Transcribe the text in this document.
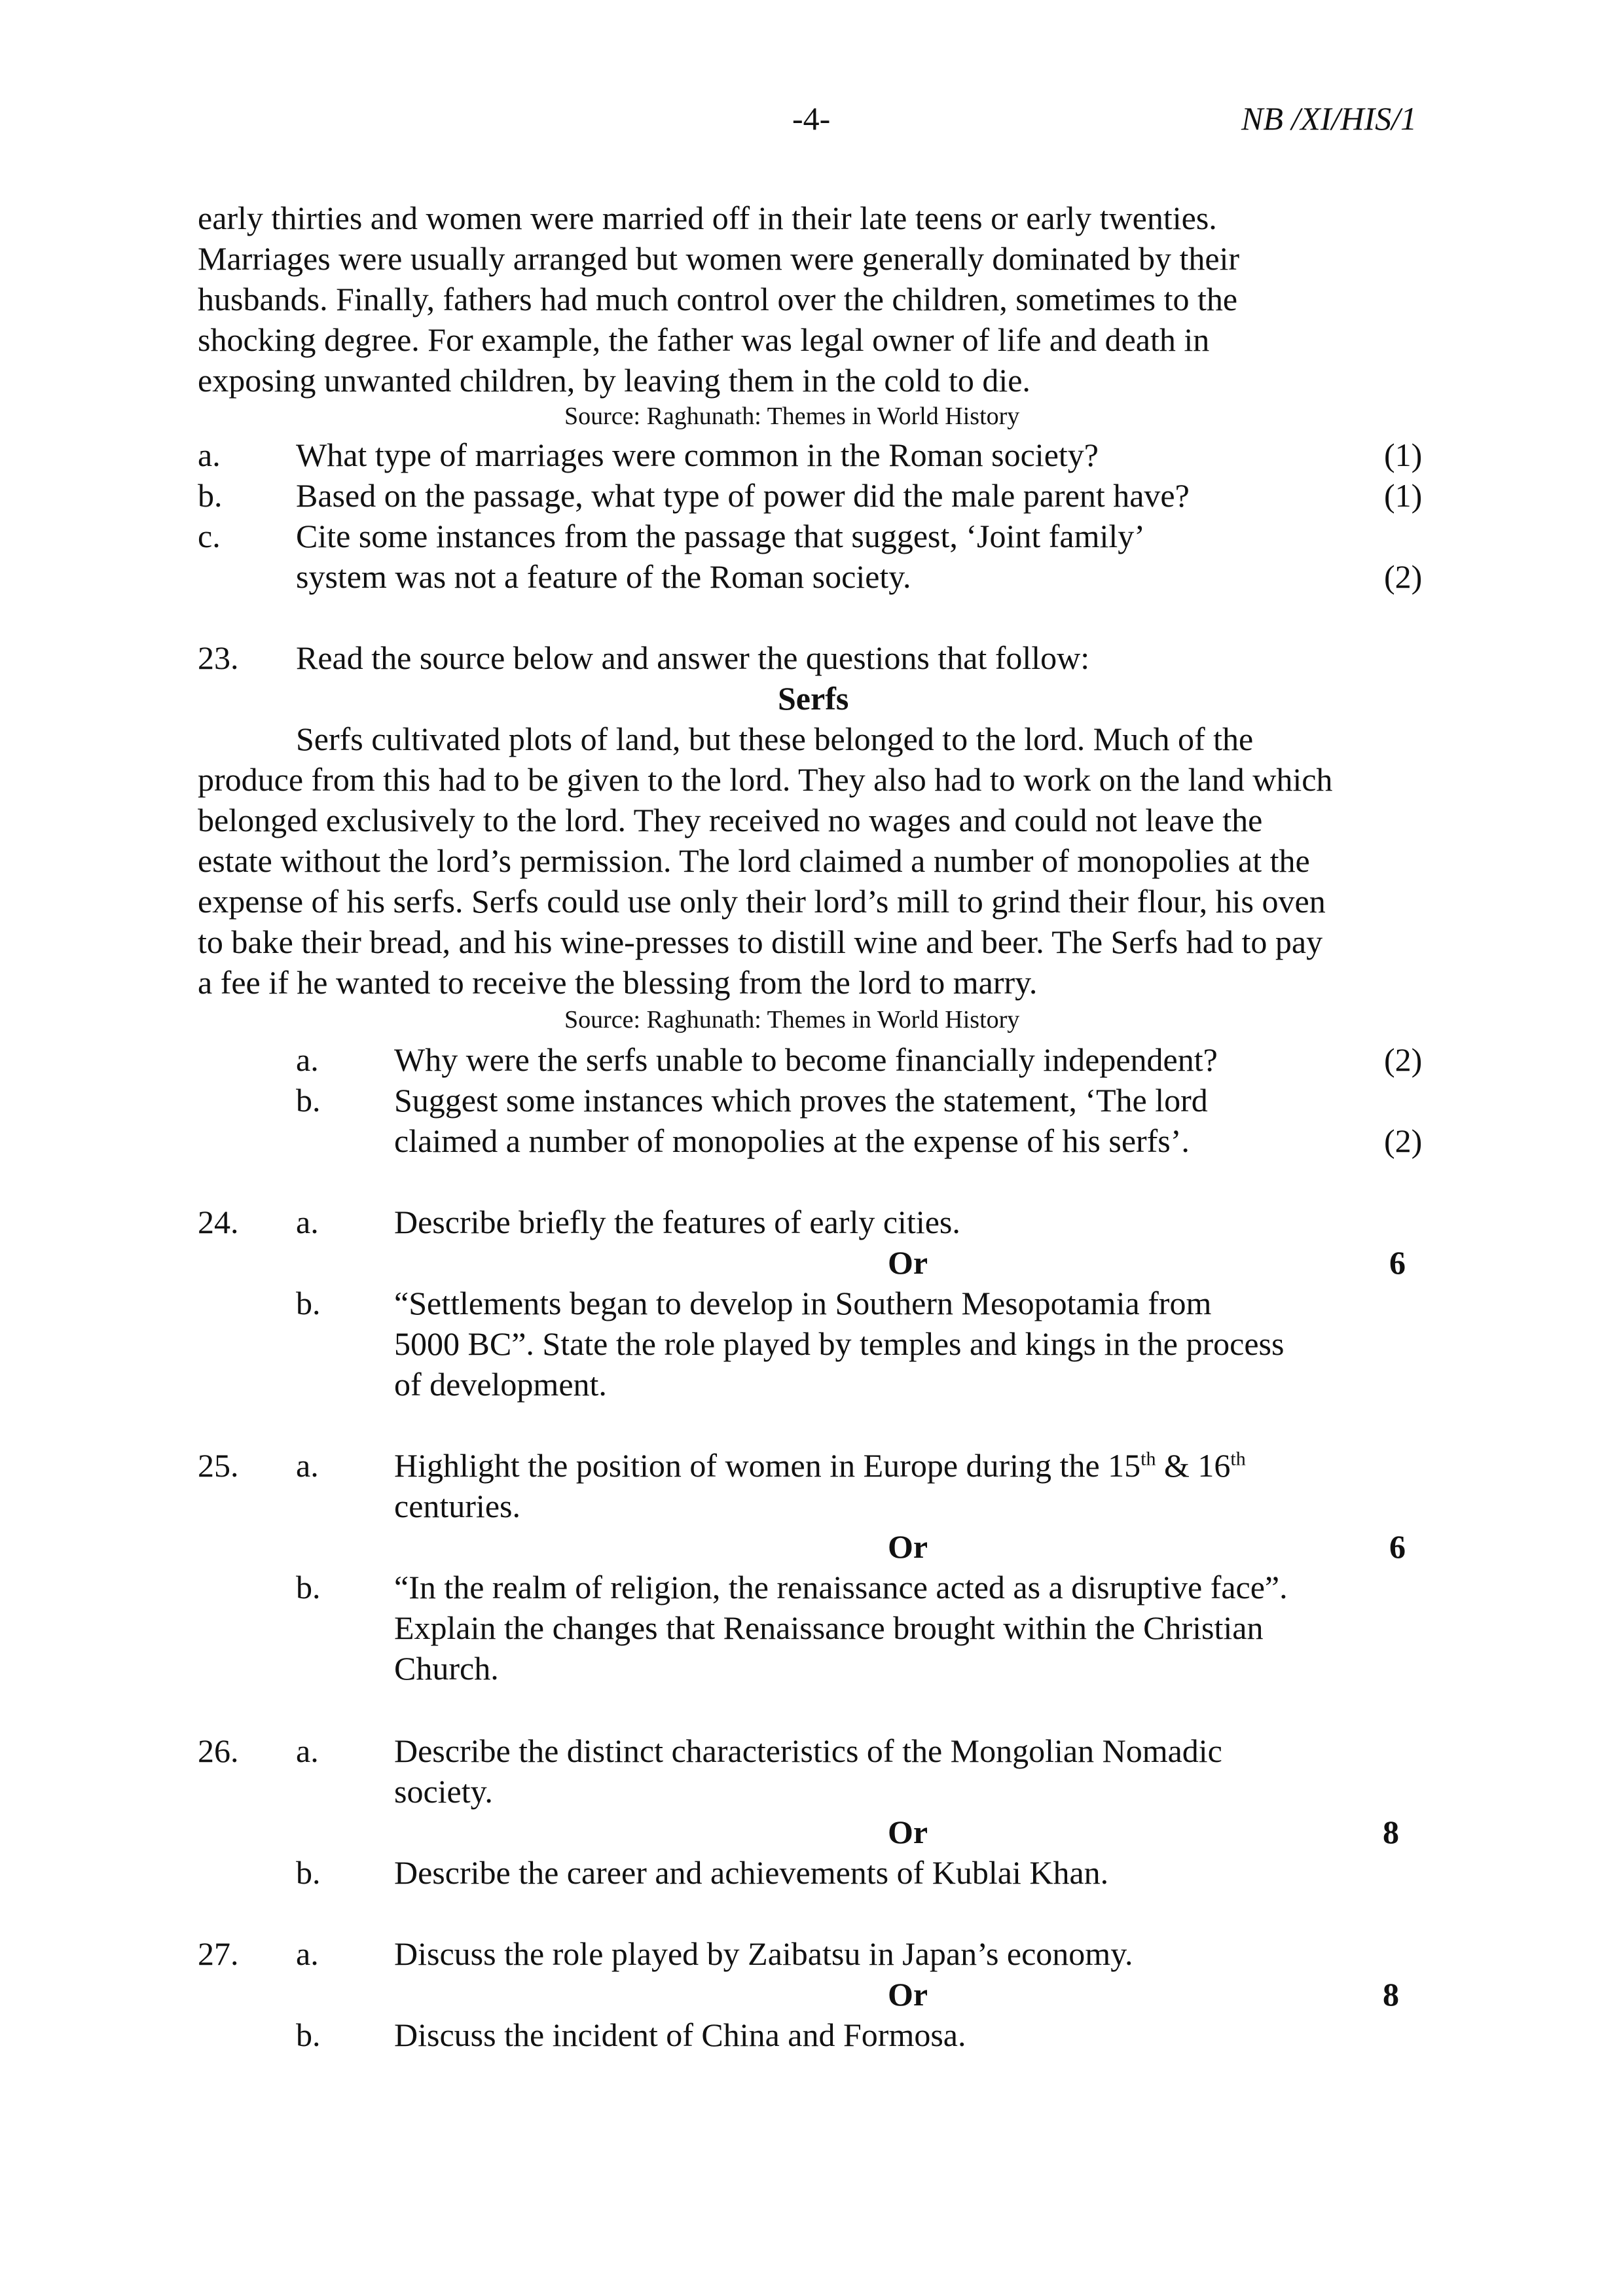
-4-	NB /XI/HIS/1

early thirties and women were married off in their late teens or early twenties.

Marriages were usually arranged but women were generally dominated by their

husbands. Finally, fathers had much control over the children, sometimes to the

shocking degree. For example, the father was legal owner of life and death in

exposing unwanted children, by leaving them in the cold to die.

Source: Raghunath: Themes in World History
a. What type of marriages were common in the Roman society?	(1)
b. Based on the passage, what type of power did the male parent have?	(1)
c. Cite some instances from the passage that suggest, ‘Joint family’
system was not a feature of the Roman society.	(2)
23. Read the source below and answer the questions that follow:
Serfs

Serfs cultivated plots of land, but these belonged to the lord. Much of the

produce from this had to be given to the lord. They also had to work on the land which

belonged exclusively to the lord. They received no wages and could not leave the

estate without the lord’s permission. The lord claimed a number of monopolies at the

expense of his serfs. Serfs could use only their lord’s mill to grind their flour, his oven

to bake their bread, and his wine-presses to distill wine and beer. The Serfs had to pay

a fee if he wanted to receive the blessing from the lord to marry.

Source: Raghunath: Themes in World History
a. Why were the serfs unable to become financially independent?	(2)
b. Suggest some instances which proves the statement, ‘The lord
claimed a number of monopolies at the expense of his serfs’.	(2)
24. a. Describe briefly the features of early cities.
Or	6
b. “Settlements began to develop in Southern Mesopotamia from
5000 BC”. State the role played by temples and kings in the process
of development.
25. a. Highlight the position of women in Europe during the 15th & 16th
centuries.
Or	6
b. “In the realm of religion, the renaissance acted as a disruptive face”.
Explain the changes that Renaissance brought within the Christian
Church.
26. a. Describe the distinct characteristics of the Mongolian Nomadic
society.
Or	8
b. Describe the career and achievements of Kublai Khan.
27. a. Discuss the role played by Zaibatsu in Japan’s economy.
Or	8
b. Discuss the incident of China and Formosa.
